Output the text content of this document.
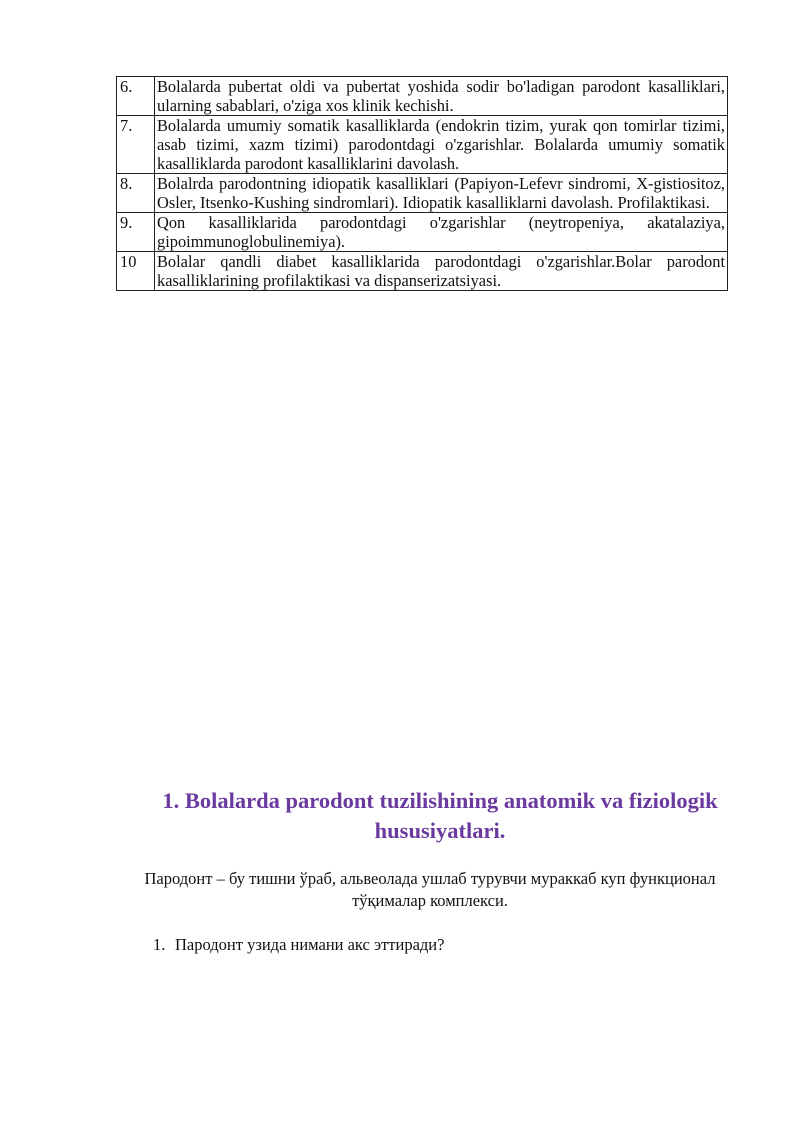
6.	Bolalarda pubertat oldi va pubertat yoshida sodir bo'ladigan parodont kasalliklari, ularning sabablari, o'ziga xos klinik kechishi.
7.	Bolalarda umumiy somatik kasalliklarda (endokrin tizim, yurak qon tomirlar tizimi, asab tizimi, xazm tizimi) parodontdagi o'zgarishlar. Bolalarda umumiy somatik kasalliklarda parodont kasalliklarini davolash.
8.	Bolalrda parodontning idiopatik kasalliklari (Papiyon-Lefevr sindromi, X-gistiositoz, Osler, Itsenko-Kushing sindromlari). Idiopatik kasalliklarni davolash. Profilaktikasi.
9.	Qon kasalliklarida parodontdagi o'zgarishlar (neytropeniya, akatalaziya, gipoimmunoglobulinemiya).
10	Bolalar qandli diabet kasalliklarida parodontdagi o'zgarishlar.Bolar parodont kasalliklarining profilaktikasi va dispanserizatsiyasi.
1. Bolalarda parodont tuzilishining anatomik va fiziologik hususiyatlari.

Пародонт – бу тишни ўраб, альвеолада ушлаб турувчи мураккаб куп функционал тўқималар комплекси.

1. Пародонт узида нимани акс эттиради?
